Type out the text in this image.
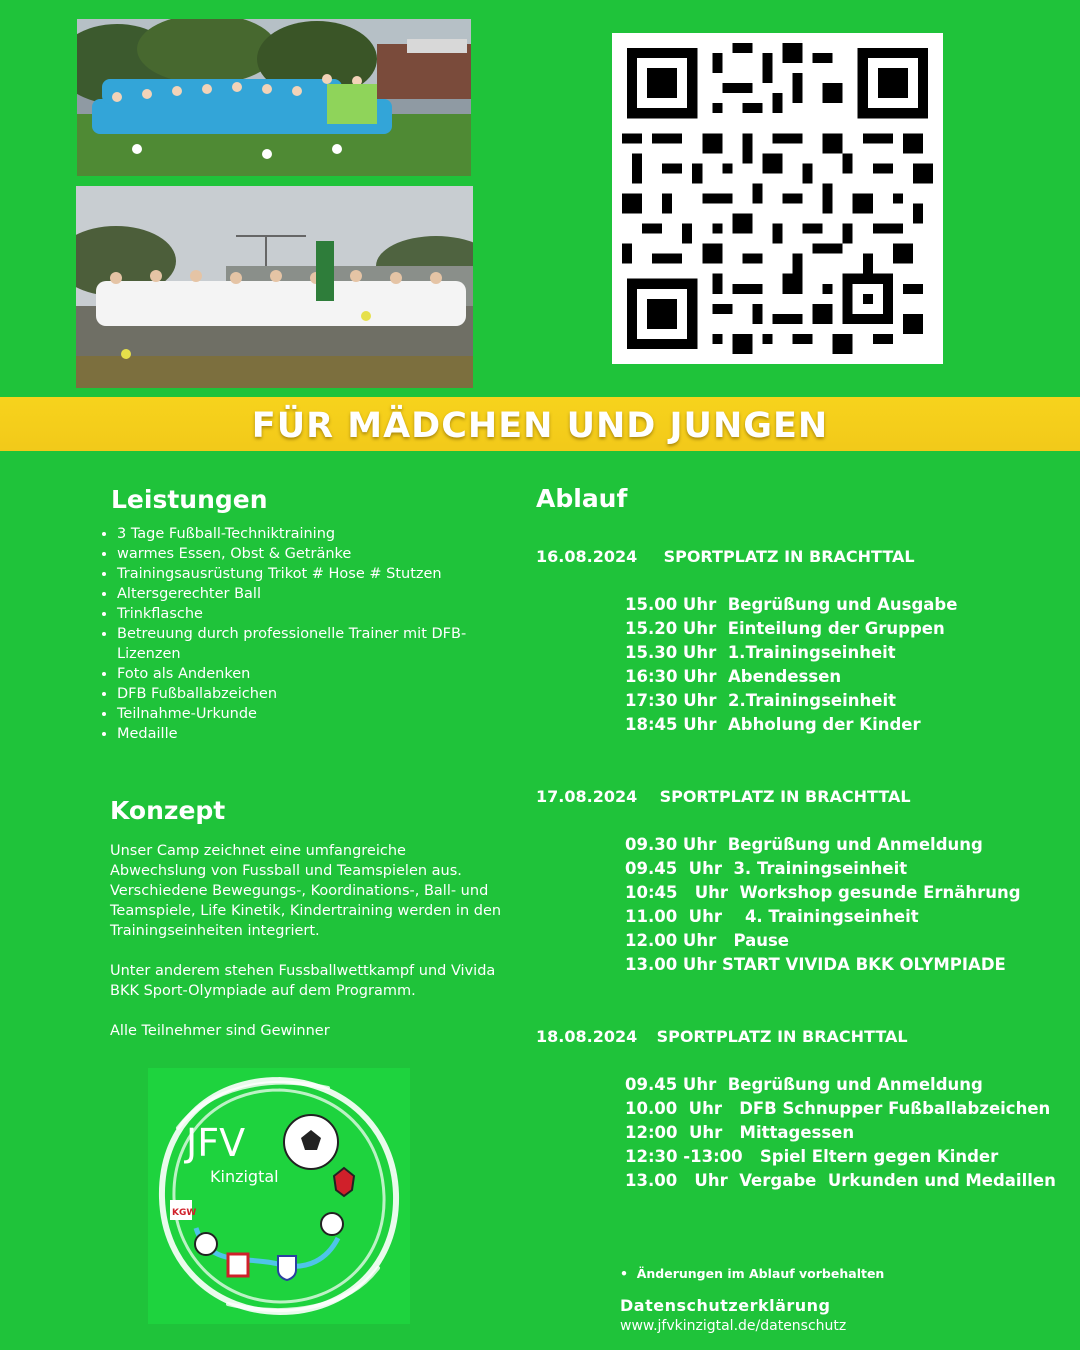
FÜR MÄDCHEN UND JUNGEN
Leistungen
• 3 Tage Fußball-Techniktraining
• warmes Essen, Obst & Getränke
• Trainingsausrüstung Trikot # Hose # Stutzen
• Altersgerechter Ball
• Trinkflasche
• Betreuung durch professionelle Trainer mit DFB- Lizenzen
• Foto als Andenken
• DFB Fußballabzeichen
• Teilnahme-Urkunde
• Medaille
Konzept

Unser Camp zeichnet eine umfangreiche Abwechslung von Fussball und Teamspielen aus. Verschiedene Bewegungs-, Koordinations-, Ball- und Teamspiele, Life Kinetik, Kindertraining werden in den Trainingseinheiten integriert.

Unter anderem stehen Fussballwettkampf und Vivida BKK Sport-Olympiade auf dem Programm.

Alle Teilnehmer sind Gewinner

JFV
Kinzigtal
KGW
Ablauf
16.08.2024 SPORTPLATZ IN BRACHTTAL
15.00 Uhr  Begrüßung und Ausgabe
15.20 Uhr  Einteilung der Gruppen
15.30 Uhr  1.Trainingseinheit
16:30 Uhr  Abendessen
17:30 Uhr  2.Trainingseinheit
18:45 Uhr  Abholung der Kinder
17.08.2024 SPORTPLATZ IN BRACHTTAL
09.30 Uhr  Begrüßung und Anmeldung
09.45  Uhr  3. Trainingseinheit
10:45   Uhr  Workshop gesunde Ernährung
11.00  Uhr    4. Trainingseinheit
12.00 Uhr   Pause
13.00 Uhr START VIVIDA BKK OLYMPIADE
18.08.2024 SPORTPLATZ IN BRACHTTAL
09.45 Uhr  Begrüßung und Anmeldung
10.00  Uhr   DFB Schnupper Fußballabzeichen
12:00  Uhr   Mittagessen
12:30 -13:00   Spiel Eltern gegen Kinder
13.00   Uhr  Vergabe  Urkunden und Medaillen
•  Änderungen im Ablauf vorbehalten
Datenschutzerklärung
www.jfvkinzigtal.de/datenschutz
